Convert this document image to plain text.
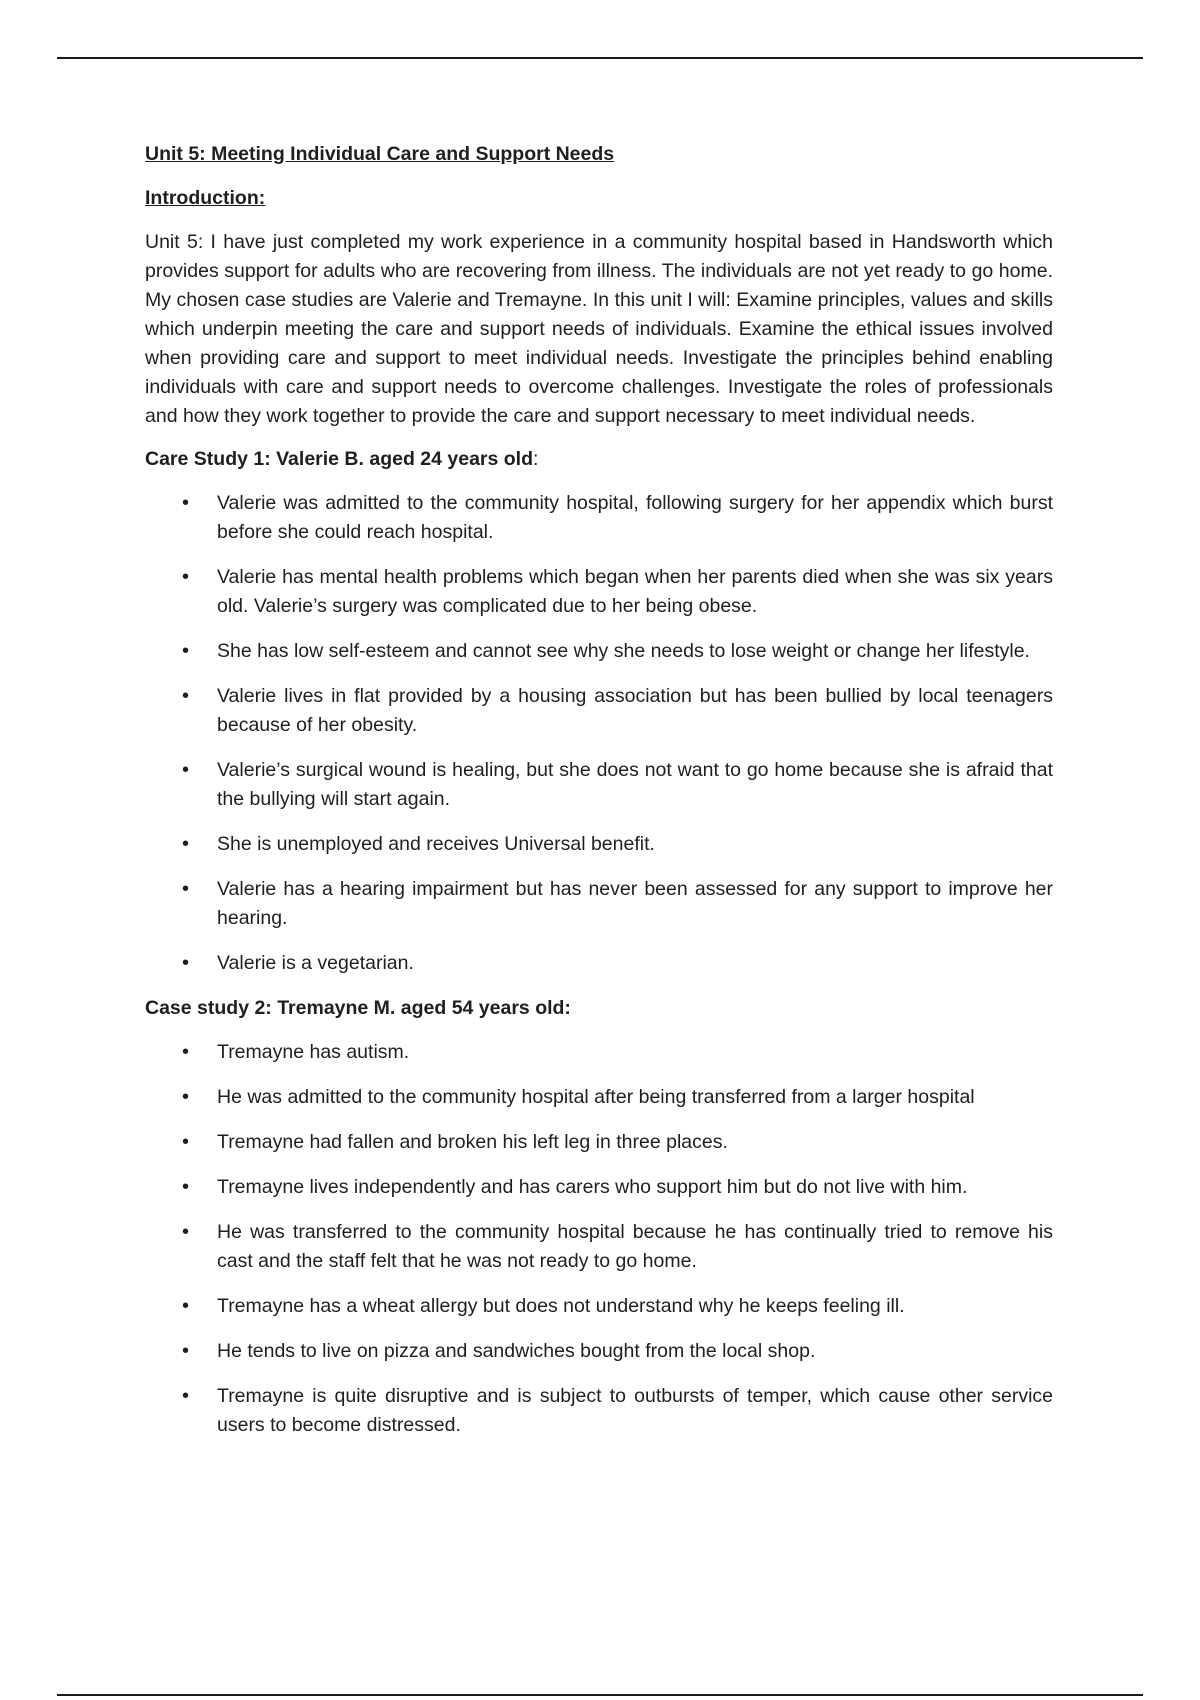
Unit 5: Meeting Individual Care and Support Needs

Introduction:

Unit 5: I have just completed my work experience in a community hospital based in Handsworth which provides support for adults who are recovering from illness. The individuals are not yet ready to go home. My chosen case studies are Valerie and Tremayne. In this unit I will: Examine principles, values and skills which underpin meeting the care and support needs of individuals. Examine the ethical issues involved when providing care and support to meet individual needs. Investigate the principles behind enabling individuals with care and support needs to overcome challenges. Investigate the roles of professionals and how they work together to provide the care and support necessary to meet individual needs.

Care Study 1: Valerie B. aged 24 years old:

• Valerie was admitted to the community hospital, following surgery for her appendix which burst before she could reach hospital.
• Valerie has mental health problems which began when her parents died when she was six years old. Valerie’s surgery was complicated due to her being obese.
• She has low self-esteem and cannot see why she needs to lose weight or change her lifestyle.
• Valerie lives in flat provided by a housing association but has been bullied by local teenagers because of her obesity.
• Valerie’s surgical wound is healing, but she does not want to go home because she is afraid that the bullying will start again.
• She is unemployed and receives Universal benefit.
• Valerie has a hearing impairment but has never been assessed for any support to improve her hearing.
• Valerie is a vegetarian.

Case study 2: Tremayne M. aged 54 years old:

• Tremayne has autism.
• He was admitted to the community hospital after being transferred from a larger hospital
• Tremayne had fallen and broken his left leg in three places.
• Tremayne lives independently and has carers who support him but do not live with him.
• He was transferred to the community hospital because he has continually tried to remove his cast and the staff felt that he was not ready to go home.
• Tremayne has a wheat allergy but does not understand why he keeps feeling ill.
• He tends to live on pizza and sandwiches bought from the local shop.
• Tremayne is quite disruptive and is subject to outbursts of temper, which cause other service users to become distressed.
